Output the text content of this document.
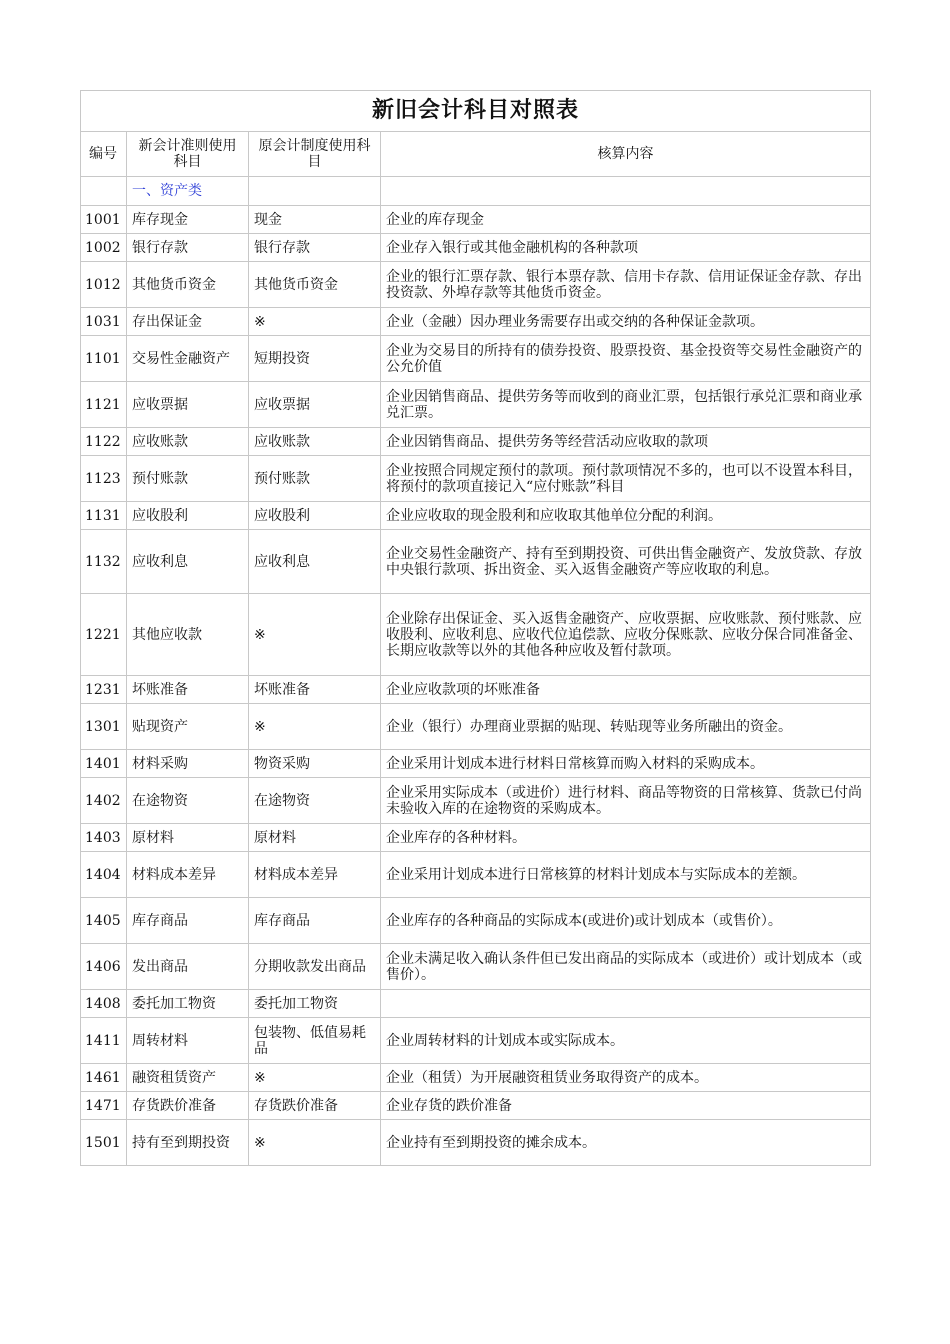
新旧会计科目对照表			
编号	新会计准则使用科目	原会计制度使用科目	核算内容
	一、资产类		
1001	库存现金	现金	企业的库存现金
1002	银行存款	银行存款	企业存入银行或其他金融机构的各种款项
1012	其他货币资金	其他货币资金	企业的银行汇票存款、银行本票存款、信用卡存款、信用证保证金存款、存出投资款、外埠存款等其他货币资金。
1031	存出保证金	※	企业（金融）因办理业务需要存出或交纳的各种保证金款项。
1101	交易性金融资产	短期投资	企业为交易目的所持有的债券投资、股票投资、基金投资等交易性金融资产的公允价值
1121	应收票据	应收票据	企业因销售商品、提供劳务等而收到的商业汇票，包括银行承兑汇票和商业承兑汇票。
1122	应收账款	应收账款	企业因销售商品、提供劳务等经营活动应收取的款项
1123	预付账款	预付账款	企业按照合同规定预付的款项。预付款项情况不多的，也可以不设置本科目，将预付的款项直接记入“应付账款”科目
1131	应收股利	应收股利	企业应收取的现金股利和应收取其他单位分配的利润。
1132	应收利息	应收利息	企业交易性金融资产、持有至到期投资、可供出售金融资产、发放贷款、存放中央银行款项、拆出资金、买入返售金融资产等应收取的利息。
1221	其他应收款	※	企业除存出保证金、买入返售金融资产、应收票据、应收账款、预付账款、应收股利、应收利息、应收代位追偿款、应收分保账款、应收分保合同准备金、长期应收款等以外的其他各种应收及暂付款项。
1231	坏账准备	坏账准备	企业应收款项的坏账准备
1301	贴现资产	※	企业（银行）办理商业票据的贴现、转贴现等业务所融出的资金。
1401	材料采购	物资采购	企业采用计划成本进行材料日常核算而购入材料的采购成本。
1402	在途物资	在途物资	企业采用实际成本（或进价）进行材料、商品等物资的日常核算、货款已付尚未验收入库的在途物资的采购成本。
1403	原材料	原材料	企业库存的各种材料。
1404	材料成本差异	材料成本差异	企业采用计划成本进行日常核算的材料计划成本与实际成本的差额。
1405	库存商品	库存商品	企业库存的各种商品的实际成本(或进价)或计划成本（或售价）。
1406	发出商品	分期收款发出商品	企业未满足收入确认条件但已发出商品的实际成本（或进价）或计划成本（或售价）。
1408	委托加工物资	委托加工物资	
1411	周转材料	包装物、低值易耗品	企业周转材料的计划成本或实际成本。
1461	融资租赁资产	※	企业（租赁）为开展融资租赁业务取得资产的成本。
1471	存货跌价准备	存货跌价准备	企业存货的跌价准备
1501	持有至到期投资	※	企业持有至到期投资的摊余成本。
